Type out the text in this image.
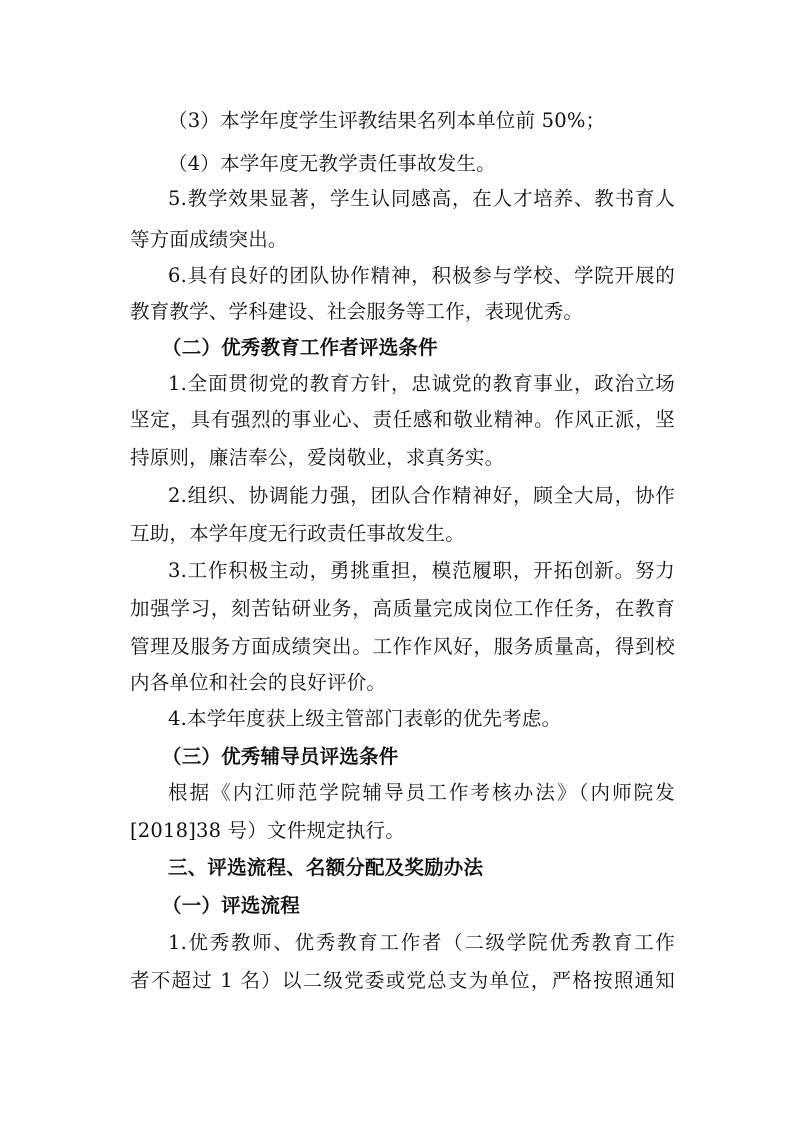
（3）本学年度学生评教结果名列本单位前 50%；
（4）本学年度无教学责任事故发生。
5.教学效果显著，学生认同感高，在人才培养、教书育人
等方面成绩突出。
6.具有良好的团队协作精神，积极参与学校、学院开展的
教育教学、学科建设、社会服务等工作，表现优秀。
（二）优秀教育工作者评选条件
1.全面贯彻党的教育方针，忠诚党的教育事业，政治立场
坚定，具有强烈的事业心、责任感和敬业精神。作风正派，坚
持原则，廉洁奉公，爱岗敬业，求真务实。
2.组织、协调能力强，团队合作精神好，顾全大局，协作
互助，本学年度无行政责任事故发生。
3.工作积极主动，勇挑重担，模范履职，开拓创新。努力
加强学习，刻苦钻研业务，高质量完成岗位工作任务，在教育
管理及服务方面成绩突出。工作作风好，服务质量高，得到校
内各单位和社会的良好评价。
4.本学年度获上级主管部门表彰的优先考虑。
（三）优秀辅导员评选条件
根据《内江师范学院辅导员工作考核办法》（内师院发
[2018]38 号）文件规定执行。
三、评选流程、名额分配及奖励办法
（一）评选流程
1.优秀教师、优秀教育工作者（二级学院优秀教育工作
者不超过 1 名）以二级党委或党总支为单位，严格按照通知
